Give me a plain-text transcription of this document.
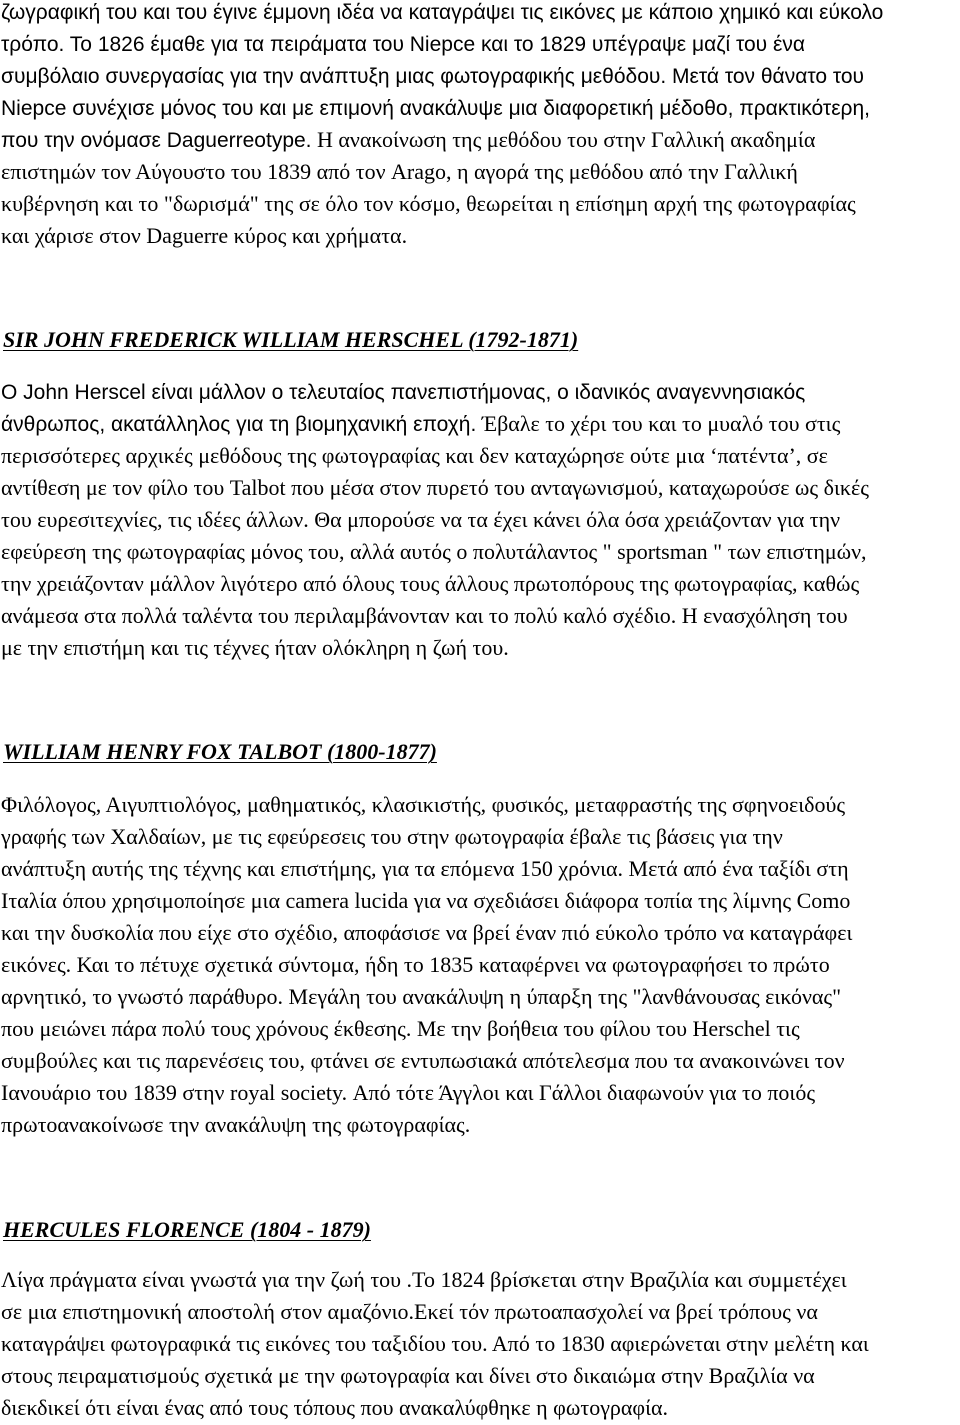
ζωγραφική του και του έγινε έμμονη ιδέα να καταγράψει τις εικόνες με κάποιο χημικό και εύκολο
τρόπο. Το 1826 έμαθε για τα πειράματα του Niepce και το 1829 υπέγραψε μαζί του ένα
συμβόλαιο συνεργασίας για την ανάπτυξη μιας φωτογραφικής μεθόδου. Μετά τον θάνατο του
Niepce συνέχισε μόνος του και με επιμονή ανακάλυψε μια διαφορετική μέδοθο, πρακτικότερη,
που την ονόμασε Daguerreotype. Η ανακοίνωση της μεθόδου του στην Γαλλική ακαδημία
επιστημών τον Αύγουστο του 1839 από τον Arago, η αγορά της μεθόδου από την Γαλλική
κυβέρνηση και το "δωρισμά" της σε όλο τον κόσμο, θεωρείται η επίσημη αρχή της φωτογραφίας
και χάρισε στον Daguerre κύρος και χρήματα.
SIR JOHN FREDERICK WILLIAM HERSCHEL (1792-1871)
Ο John Herscel είναι μάλλον ο τελευταίος πανεπιστήμονας, ο ιδανικός αναγεννησιακός
άνθρωπος, ακατάλληλος για τη βιομηχανική εποχή. Έβαλε το χέρι του και το μυαλό του στις
περισσότερες αρχικές μεθόδους της φωτογραφίας και δεν καταχώρησε ούτε μια ‘πατέντα’, σε
αντίθεση με τον φίλο του Talbot που μέσα στον πυρετό του ανταγωνισμού, καταχωρούσε ως δικές
του ευρεσιτεχνίες, τις ιδέες άλλων. Θα μπορούσε να τα έχει κάνει όλα όσα χρειάζονταν για την
εφεύρεση της φωτογραφίας μόνος του, αλλά αυτός ο πολυτάλαντος " sportsman " των επιστημών,
την χρειάζονταν μάλλον λιγότερο από όλους τους άλλους πρωτοπόρους της φωτογραφίας, καθώς
ανάμεσα στα πολλά ταλέντα του περιλαμβάνονταν και το πολύ καλό σχέδιο. Η ενασχόληση του
με την επιστήμη και τις τέχνες ήταν ολόκληρη η ζωή του.
WILLIAM HENRY FOX TALBOT (1800-1877)
Φιλόλογος, Αιγυπτιολόγος, μαθηματικός, κλασικιστής, φυσικός, μεταφραστής της σφηνοειδούς
γραφής των Χαλδαίων, με τις εφεύρεσεις του στην φωτογραφία έβαλε τις βάσεις για την
ανάπτυξη αυτής της τέχνης και επιστήμης, για τα επόμενα 150 χρόνια. Μετά από ένα ταξίδι στη
Ιταλία όπου χρησιμοποίησε μια camera lucida για να σχεδιάσει διάφορα τοπία της λίμνης Como
και την δυσκολία που είχε στο σχέδιο, αποφάσισε να βρεί έναν πιό εύκολο τρόπο να καταγράφει
εικόνες. Και το πέτυχε σχετικά σύντομα, ήδη το 1835 καταφέρνει να φωτογραφήσει το πρώτο
αρνητικό, το γνωστό παράθυρο. Μεγάλη του ανακάλυψη η ύπαρξη της "λανθάνουσας εικόνας"
που μειώνει πάρα πολύ τους χρόνους έκθεσης. Με την βοήθεια του φίλου του Herschel τις
συμβούλες και τις παρενέσεις του, φτάνει σε εντυπωσιακά απότελεσμα που τα ανακοινώνει τον
Ιανουάριο του 1839 στην royal society. Από τότε Άγγλοι και Γάλλοι διαφωνούν για το ποιός
πρωτοανακοίνωσε την ανακάλυψη της φωτογραφίας.
HERCULES FLORENCE (1804 - 1879)
Λίγα πράγματα είναι γνωστά για την ζωή του .Το 1824 βρίσκεται στην Βραζιλία και συμμετέχει
σε μια επιστημονική αποστολή στον αμαζόνιο.Εκεί τόν πρωτοαπασχολεί να βρεί τρόπους να
καταγράψει φωτογραφικά τις εικόνες του ταξιδίου του. Από το 1830 αφιερώνεται στην μελέτη και
στους πειραματισμούς σχετικά με την φωτογραφία και δίνει στο δικαιώμα στην Βραζιλία να
διεκδικεί ότι είναι ένας από τους τόπους που ανακαλύφθηκε η φωτογραφία.
